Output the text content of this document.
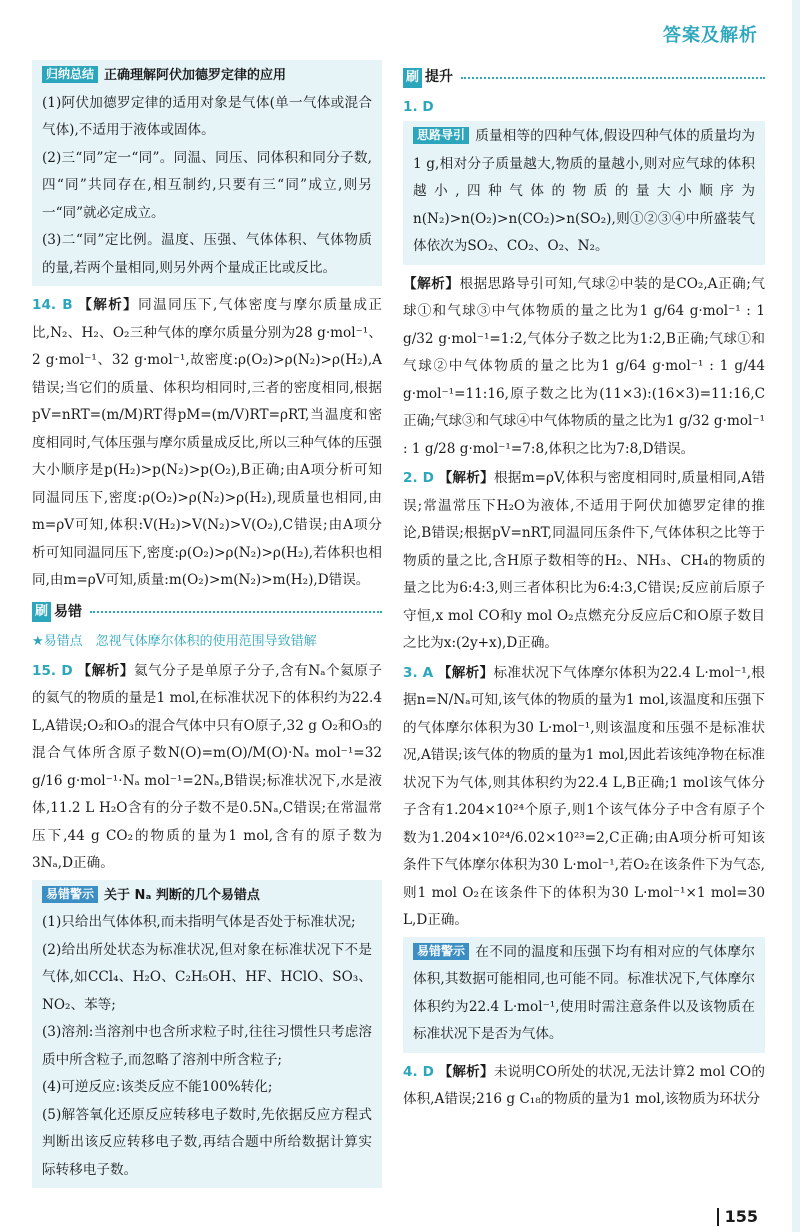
答案及解析
归纳总结 正确理解阿伏加德罗定律的应用

(1)阿伏加德罗定律的适用对象是气体(单一气体或混合气体),不适用于液体或固体。

(2)三“同”定一“同”。同温、同压、同体积和同分子数,四“同”共同存在,相互制约,只要有三“同”成立,则另一“同”就必定成立。

(3)二“同”定比例。温度、压强、气体体积、气体物质的量,若两个量相同,则另外两个量成正比或反比。

14. B 【解析】同温同压下,气体密度与摩尔质量成正比,N₂、H₂、O₂三种气体的摩尔质量分别为28 g·mol⁻¹、2 g·mol⁻¹、32 g·mol⁻¹,故密度:ρ(O₂)>ρ(N₂)>ρ(H₂),A错误;当它们的质量、体积均相同时,三者的密度相同,根据pV=nRT=(m/M)RT得pM=(m/V)RT=ρRT,当温度和密度相同时,气体压强与摩尔质量成反比,所以三种气体的压强大小顺序是p(H₂)>p(N₂)>p(O₂),B正确;由A项分析可知同温同压下,密度:ρ(O₂)>ρ(N₂)>ρ(H₂),现质量也相同,由m=ρV可知,体积:V(H₂)>V(N₂)>V(O₂),C错误;由A项分析可知同温同压下,密度:ρ(O₂)>ρ(N₂)>ρ(H₂),若体积也相同,由m=ρV可知,质量:m(O₂)>m(N₂)>m(H₂),D错误。

刷 易错
★易错点　忽视气体摩尔体积的使用范围导致错解

15. D 【解析】氦气分子是单原子分子,含有Nₐ个氦原子的氦气的物质的量是1 mol,在标准状况下的体积约为22.4 L,A错误;O₂和O₃的混合气体中只有O原子,32 g O₂和O₃的混合气体所含原子数N(O)=m(O)/M(O)·Nₐ mol⁻¹=32 g/16 g·mol⁻¹·Nₐ mol⁻¹=2Nₐ,B错误;标准状况下,水是液体,11.2 L H₂O含有的分子数不是0.5Nₐ,C错误;在常温常压下,44 g CO₂的物质的量为1 mol,含有的原子数为3Nₐ,D正确。

易错警示 关于 Nₐ 判断的几个易错点

(1)只给出气体体积,而未指明气体是否处于标准状况;

(2)给出所处状态为标准状况,但对象在标准状况下不是气体,如CCl₄、H₂O、C₂H₅OH、HF、HClO、SO₃、NO₂、苯等;

(3)溶剂:当溶剂中也含所求粒子时,往往习惯性只考虑溶质中所含粒子,而忽略了溶剂中所含粒子;

(4)可逆反应:该类反应不能100%转化;

(5)解答氧化还原反应转移电子数时,先依据反应方程式判断出该反应转移电子数,再结合题中所给数据计算实际转移电子数。

刷 提升
1. D

思路导引 质量相等的四种气体,假设四种气体的质量均为1 g,相对分子质量越大,物质的量越小,则对应气球的体积越小,四种气体的物质的量大小顺序为n(N₂)>n(O₂)>n(CO₂)>n(SO₂),则①②③④中所盛装气体依次为SO₂、CO₂、O₂、N₂。

【解析】根据思路导引可知,气球②中装的是CO₂,A正确;气球①和气球③中气体物质的量之比为1 g/64 g·mol⁻¹ : 1 g/32 g·mol⁻¹=1:2,气体分子数之比为1:2,B正确;气球①和气球②中气体物质的量之比为1 g/64 g·mol⁻¹ : 1 g/44 g·mol⁻¹=11:16,原子数之比为(11×3):(16×3)=11:16,C正确;气球③和气球④中气体物质的量之比为1 g/32 g·mol⁻¹ : 1 g/28 g·mol⁻¹=7:8,体积之比为7:8,D错误。

2. D 【解析】根据m=ρV,体积与密度相同时,质量相同,A错误;常温常压下H₂O为液体,不适用于阿伏加德罗定律的推论,B错误;根据pV=nRT,同温同压条件下,气体体积之比等于物质的量之比,含H原子数相等的H₂、NH₃、CH₄的物质的量之比为6:4:3,则三者体积比为6:4:3,C错误;反应前后原子守恒,x mol CO和y mol O₂点燃充分反应后C和O原子数目之比为x:(2y+x),D正确。

3. A 【解析】标准状况下气体摩尔体积为22.4 L·mol⁻¹,根据n=N/Nₐ可知,该气体的物质的量为1 mol,该温度和压强下的气体摩尔体积为30 L·mol⁻¹,则该温度和压强不是标准状况,A错误;该气体的物质的量为1 mol,因此若该纯净物在标准状况下为气体,则其体积约为22.4 L,B正确;1 mol该气体分子含有1.204×10²⁴个原子,则1个该气体分子中含有原子个数为1.204×10²⁴/6.02×10²³=2,C正确;由A项分析可知该条件下气体摩尔体积为30 L·mol⁻¹,若O₂在该条件下为气态,则1 mol O₂在该条件下的体积为30 L·mol⁻¹×1 mol=30 L,D正确。

易错警示 在不同的温度和压强下均有相对应的气体摩尔体积,其数据可能相同,也可能不同。标准状况下,气体摩尔体积约为22.4 L·mol⁻¹,使用时需注意条件以及该物质在标准状况下是否为气体。

4. D 【解析】未说明CO所处的状况,无法计算2 mol CO的体积,A错误;216 g C₁₈的物质的量为1 mol,该物质为环状分

155
